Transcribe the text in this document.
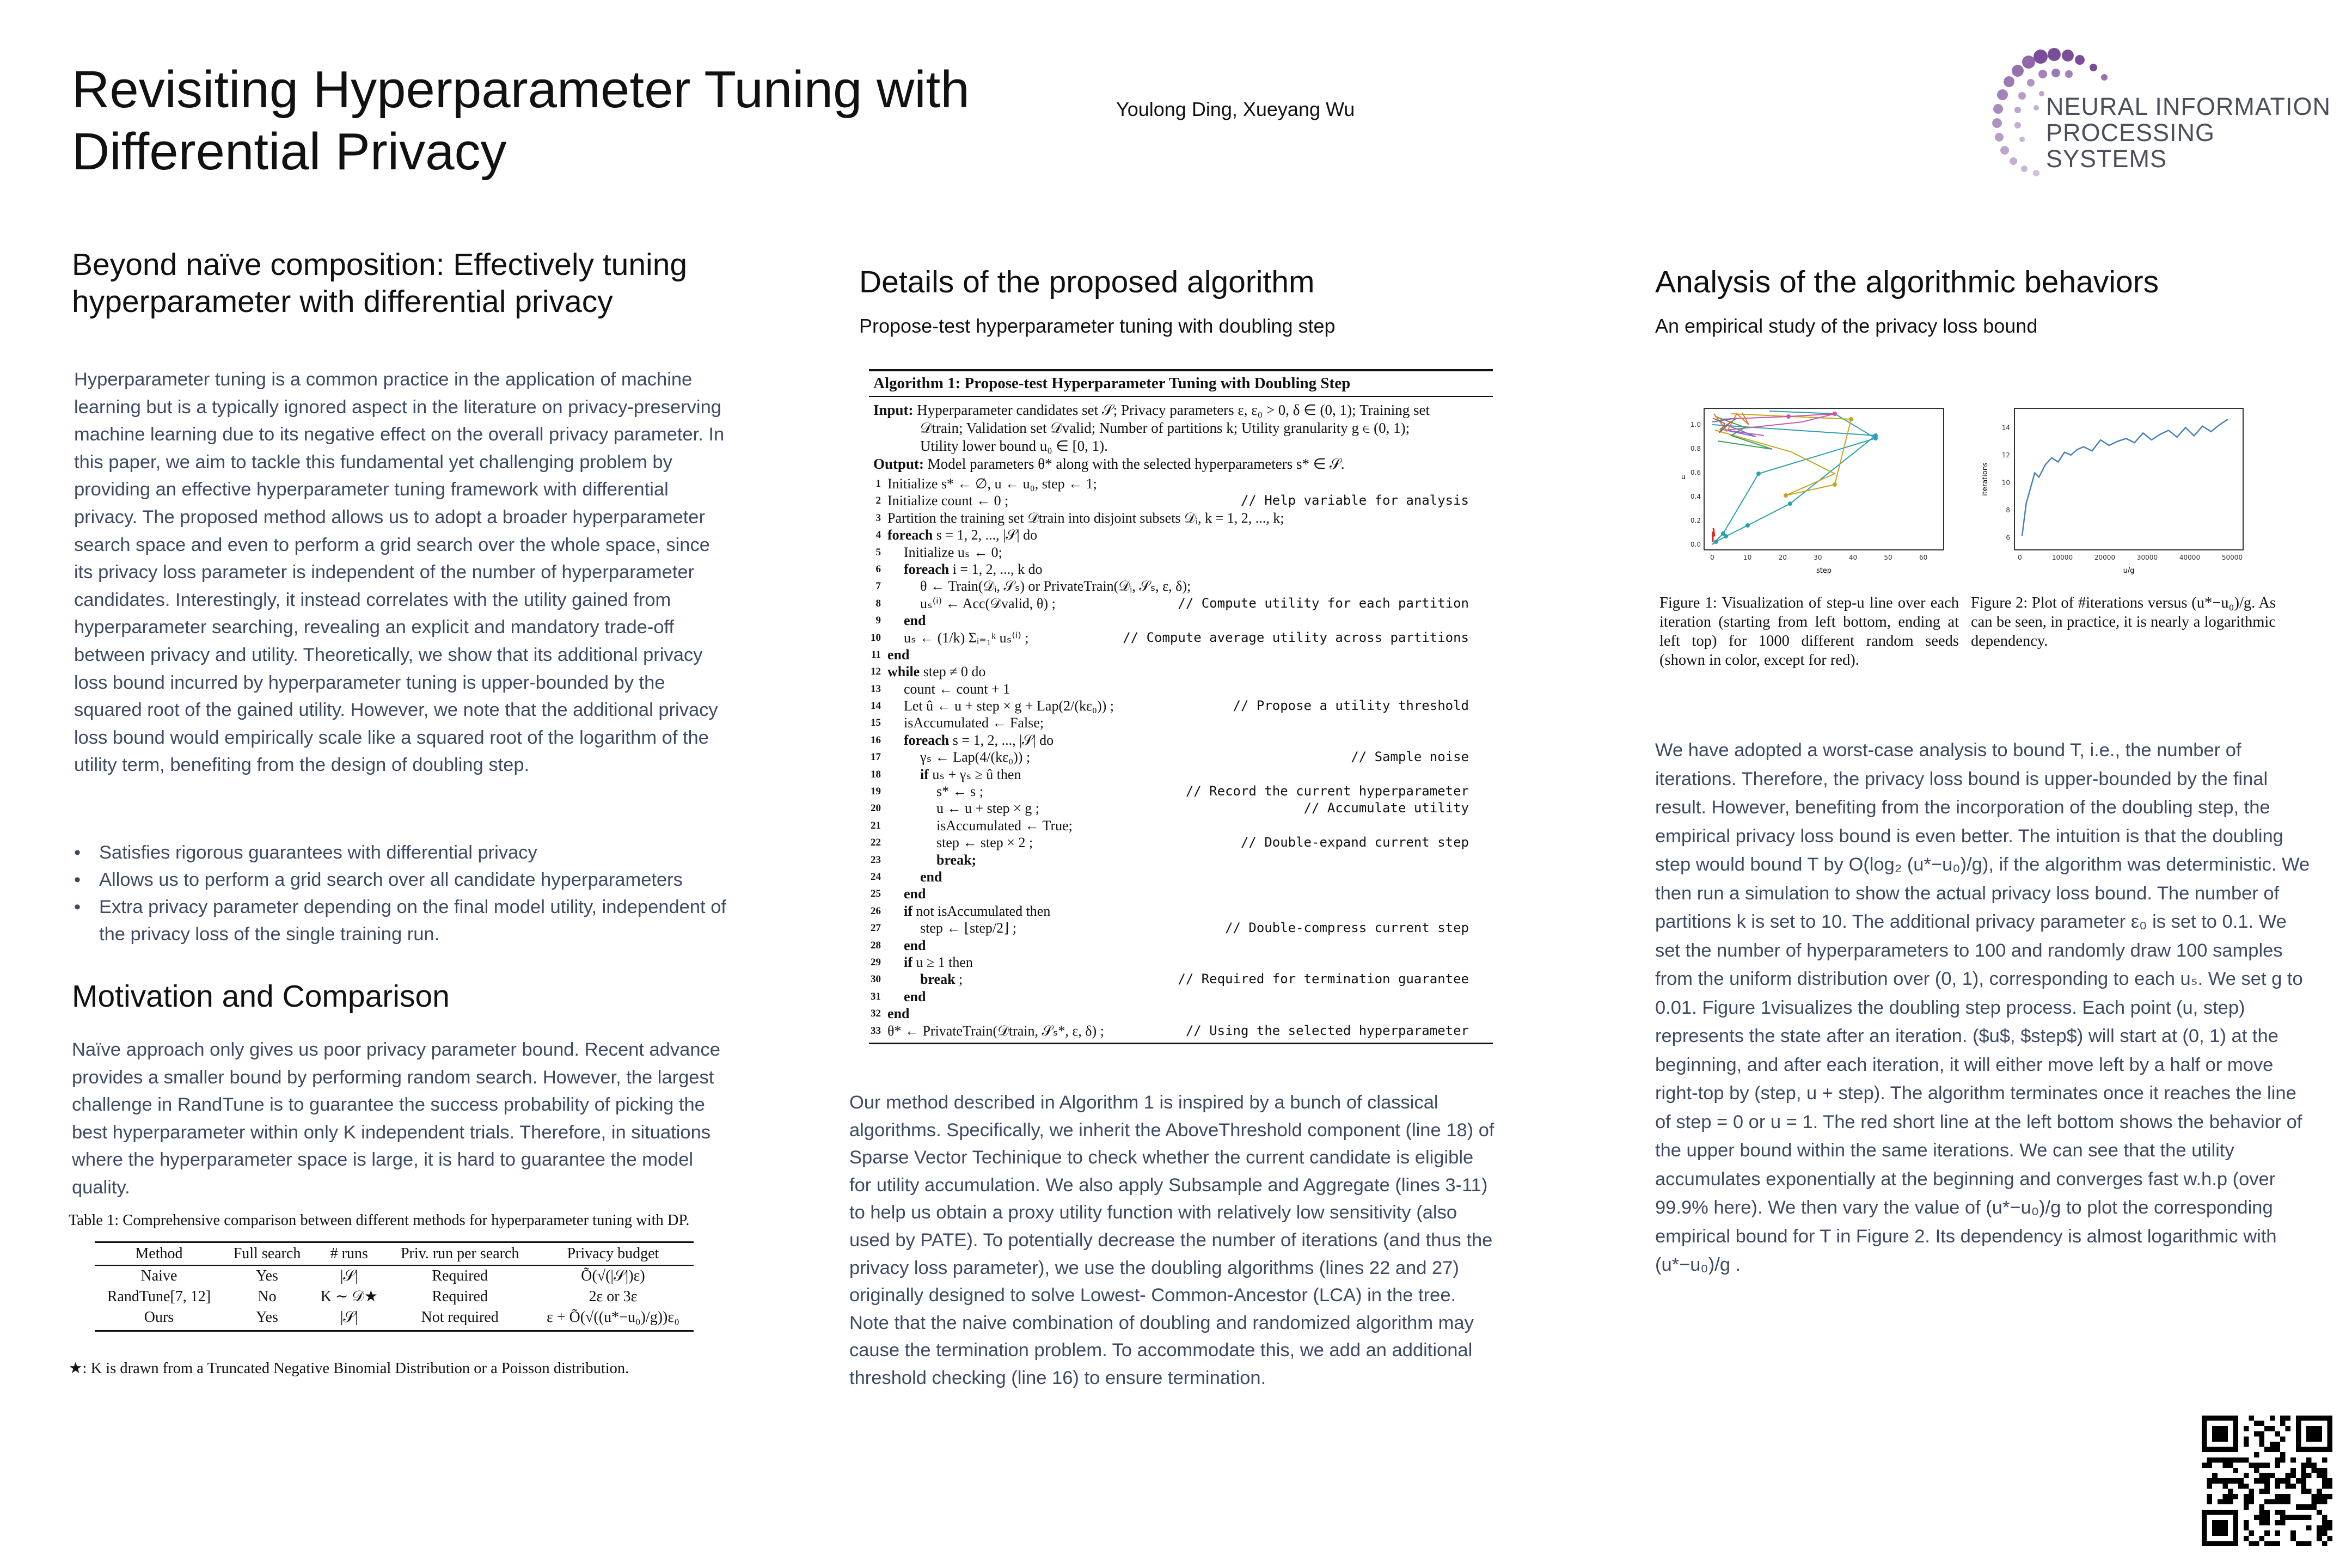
Revisiting Hyperparameter Tuning with Differential Privacy
Youlong Ding, Xueyang Wu	NEURAL INFORMATION
PROCESSING SYSTEMS
Beyond naïve composition: Effectively tuning hyperparameter with differential privacy

Hyperparameter tuning is a common practice in the application of machine learning but is a typically ignored aspect in the literature on privacy-preserving machine learning due to its negative effect on the overall privacy parameter. In this paper, we aim to tackle this fundamental yet challenging problem by providing an effective hyperparameter tuning framework with differential privacy. The proposed method allows us to adopt a broader hyperparameter search space and even to perform a grid search over the whole space, since its privacy loss parameter is independent of the number of hyperparameter candidates. Interestingly, it instead correlates with the utility gained from hyperparameter searching, revealing an explicit and mandatory trade-off between privacy and utility. Theoretically, we show that its additional privacy loss bound incurred by hyperparameter tuning is upper-bounded by the squared root of the gained utility. However, we note that the additional privacy loss bound would empirically scale like a squared root of the logarithm of the utility term, benefiting from the design of doubling step.

• Satisfies rigorous guarantees with differential privacy
• Allows us to perform a grid search over all candidate hyperparameters
• Extra privacy parameter depending on the final model utility, independent of the privacy loss of the single training run.
Motivation and Comparison

Naïve approach only gives us poor privacy parameter bound. Recent advance provides a smaller bound by performing random search. However, the largest challenge in RandTune is to guarantee the success probability of picking the best hyperparameter within only K independent trials. Therefore, in situations where the hyperparameter space is large, it is hard to guarantee the model quality.

Table 1: Comprehensive comparison between different methods for hyperparameter tuning with DP.
Method	Full search	# runs	Priv. run per search	Privacy budget
Naive	Yes	|𝒮|	Required	Õ(√(|𝒮|)ε)
RandTune[7, 12]	No	K ∼ 𝒟★	Required	2ε or 3ε
Ours	Yes	|𝒮|	Not required	ε + Õ(√((u*−u₀)/g))ε₀
★: K is drawn from a Truncated Negative Binomial Distribution or a Poisson distribution.
Details of the proposed algorithm
Propose-test hyperparameter tuning with doubling step
Algorithm 1: Propose-test Hyperparameter Tuning with Doubling Step
Input: Hyperparameter candidates set 𝒮; Privacy parameters ε, ε₀ > 0, δ ∈ (0, 1); Training set
𝒟train; Validation set 𝒟valid; Number of partitions k; Utility granularity g ∈ (0, 1);
Utility lower bound u₀ ∈ [0, 1).
Output: Model parameters θ* along with the selected hyperparameters s* ∈ 𝒮.
1 Initialize s* ← ∅, u ← u₀, step ← 1;
2 Initialize count ← 0 ;	// Help variable for analysis
3 Partition the training set 𝒟train into disjoint subsets 𝒟ᵢ, k = 1, 2, ..., k;
4 foreach s = 1, 2, ..., |𝒮| do
5 Initialize uₛ ← 0;
6 foreach i = 1, 2, ..., k do
7	θ ← Train(𝒟ᵢ, 𝒮ₛ) or PrivateTrain(𝒟ᵢ, 𝒮ₛ, ε, δ);
8	uₛ⁽ⁱ⁾ ← Acc(𝒟valid, θ) ;	// Compute utility for each partition
9 end
10 uₛ ← (1/k) Σᵢ₌₁ᵏ uₛ⁽ⁱ⁾ ;	// Compute average utility across partitions
11 end
12 while step ≠ 0 do
13 count ← count + 1
14 Let û ← u + step × g + Lap(2/(kε₀)) ;	// Propose a utility threshold
15 isAccumulated ← False;
16 foreach s = 1, 2, ..., |𝒮| do
17	γₛ ← Lap(4/(kε₀)) ;	// Sample noise
18	if uₛ + γₛ ≥ û then
19	s* ← s ;	// Record the current hyperparameter
20	u ← u + step × g ;	// Accumulate utility
21	isAccumulated ← True;
22	step ← step × 2 ;	// Double-expand current step
23	break;
24	end
25 end
26 if not isAccumulated then
27	step ← ⌊step/2⌋ ;	// Double-compress current step
28 end
29 if u ≥ 1 then
30	break ;	// Required for termination guarantee
31 end
32 end
33 θ* ← PrivateTrain(𝒟train, 𝒮ₛ*, ε, δ) ;	// Using the selected hyperparameter

Our method described in Algorithm 1 is inspired by a bunch of classical algorithms. Specifically, we inherit the AboveThreshold component (line 18) of Sparse Vector Techinique to check whether the current candidate is eligible for utility accumulation. We also apply Subsample and Aggregate (lines 3-11) to help us obtain a proxy utility function with relatively low sensitivity (also used by PATE). To potentially decrease the number of iterations (and thus the privacy loss parameter), we use the doubling algorithms (lines 22 and 27) originally designed to solve Lowest- Common-Ancestor (LCA) in the tree. Note that the naive combination of doubling and randomized algorithm may cause the termination problem. To accommodate this, we add an additional threshold checking (line 16) to ensure termination.

Analysis of the algorithmic behaviors
An empirical study of the privacy loss bound
0	10	20	30	40	50	60
0.0
0.2
0.4
0.6
0.8
1.0
step
u
Figure 1: Visualization of step-u line over each iteration (starting from left bottom, ending at left top) for 1000 different random seeds (shown in color, except for red).
0	10000	20000	30000	40000	50000
6
8
10
12
14
u/g
iterations
Figure 2: Plot of #iterations versus (u*−u₀)/g. As can be seen, in practice, it is nearly a logarithmic dependency.

We have adopted a worst-case analysis to bound T, i.e., the number of iterations. Therefore, the privacy loss bound is upper-bounded by the final result. However, benefiting from the incorporation of the doubling step, the empirical privacy loss bound is even better. The intuition is that the doubling step would bound T by O(log₂ (u*−u₀)/g), if the algorithm was deterministic. We then run a simulation to show the actual privacy loss bound. The number of partitions k is set to 10. The additional privacy parameter ε₀ is set to 0.1. We set the number of hyperparameters to 100 and randomly draw 100 samples from the uniform distribution over (0, 1), corresponding to each uₛ. We set g to 0.01. Figure 1visualizes the doubling step process. Each point (u, step) represents the state after an iteration. ($u$, $step$) will start at (0, 1) at the beginning, and after each iteration, it will either move left by a half or move right-top by (step, u + step). The algorithm terminates once it reaches the line of step = 0 or u = 1. The red short line at the left bottom shows the behavior of the upper bound within the same iterations. We can see that the utility accumulates exponentially at the beginning and converges fast w.h.p (over 99.9% here). We then vary the value of (u*−u₀)/g to plot the corresponding empirical bound for T in Figure 2. Its dependency is almost logarithmic with (u*−u₀)/g .
